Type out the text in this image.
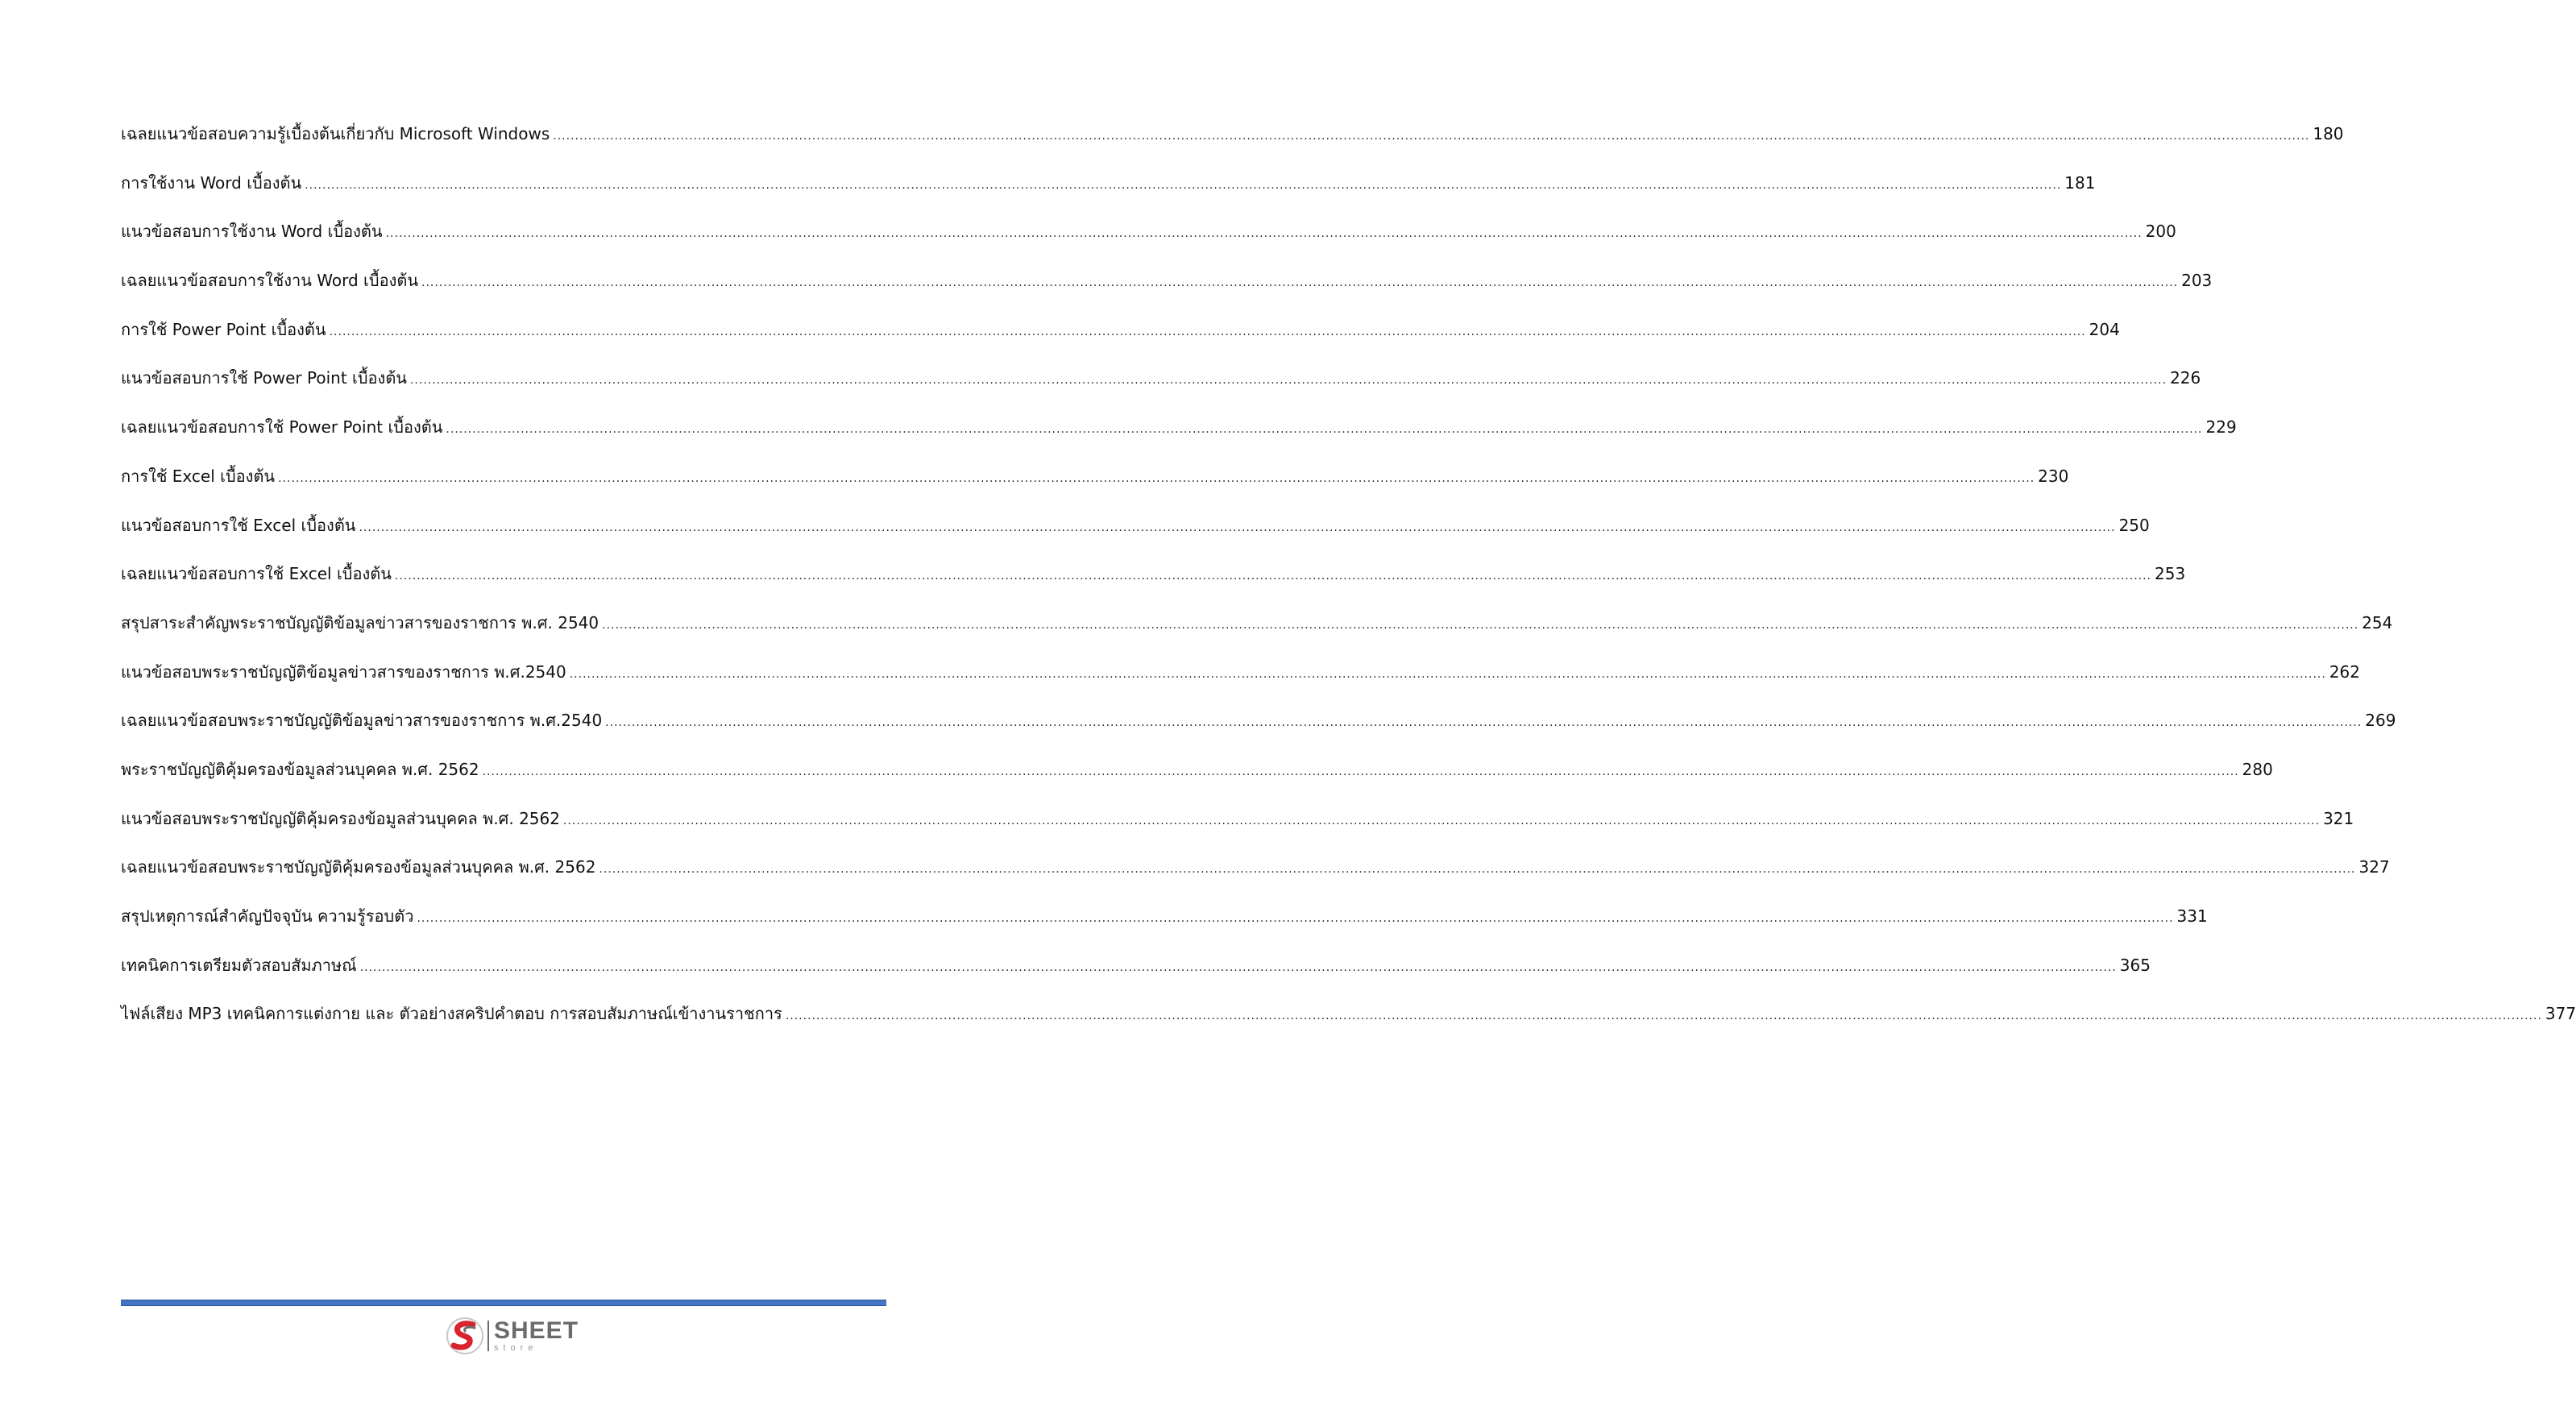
เฉลยแนวข้อสอบความรู้เบื้องต้นเกี่ยวกับ Microsoft Windows ................................................................................................................................................................................................................................................................................................................................................................................................................ 180
การใช้งาน Word เบื้องต้น ................................................................................................................................................................................................................................................................................................................................................................................................................ 181
แนวข้อสอบการใช้งาน Word เบื้องต้น ................................................................................................................................................................................................................................................................................................................................................................................................................ 200
เฉลยแนวข้อสอบการใช้งาน Word เบื้องต้น ................................................................................................................................................................................................................................................................................................................................................................................................................ 203
การใช้ Power Point เบื้องต้น ................................................................................................................................................................................................................................................................................................................................................................................................................ 204
แนวข้อสอบการใช้ Power Point เบื้องต้น ................................................................................................................................................................................................................................................................................................................................................................................................................ 226
เฉลยแนวข้อสอบการใช้ Power Point เบื้องต้น ................................................................................................................................................................................................................................................................................................................................................................................................................ 229
การใช้ Excel เบื้องต้น ................................................................................................................................................................................................................................................................................................................................................................................................................ 230
แนวข้อสอบการใช้ Excel เบื้องต้น ................................................................................................................................................................................................................................................................................................................................................................................................................ 250
เฉลยแนวข้อสอบการใช้ Excel เบื้องต้น ................................................................................................................................................................................................................................................................................................................................................................................................................ 253
สรุปสาระสำคัญพระราชบัญญัติข้อมูลข่าวสารของราชการ พ.ศ. 2540 ................................................................................................................................................................................................................................................................................................................................................................................................................ 254
แนวข้อสอบพระราชบัญญัติข้อมูลข่าวสารของราชการ พ.ศ.2540 ................................................................................................................................................................................................................................................................................................................................................................................................................ 262
เฉลยแนวข้อสอบพระราชบัญญัติข้อมูลข่าวสารของราชการ พ.ศ.2540 ................................................................................................................................................................................................................................................................................................................................................................................................................ 269
พระราชบัญญัติคุ้มครองข้อมูลส่วนบุคคล พ.ศ. 2562 ................................................................................................................................................................................................................................................................................................................................................................................................................ 280
แนวข้อสอบพระราชบัญญัติคุ้มครองข้อมูลส่วนบุคคล พ.ศ. 2562 ................................................................................................................................................................................................................................................................................................................................................................................................................ 321
เฉลยแนวข้อสอบพระราชบัญญัติคุ้มครองข้อมูลส่วนบุคคล พ.ศ. 2562 ................................................................................................................................................................................................................................................................................................................................................................................................................ 327
สรุปเหตุการณ์สำคัญปัจจุบัน ความรู้รอบตัว ................................................................................................................................................................................................................................................................................................................................................................................................................ 331
เทคนิคการเตรียมตัวสอบสัมภาษณ์ ................................................................................................................................................................................................................................................................................................................................................................................................................ 365
ไฟล์เสียง MP3 เทคนิคการแต่งกาย และ ตัวอย่างสคริปคำตอบ การสอบสัมภาษณ์เข้างานราชการ ................................................................................................................................................................................................................................................................................................................................................................................................................ 377
SHEET
store
